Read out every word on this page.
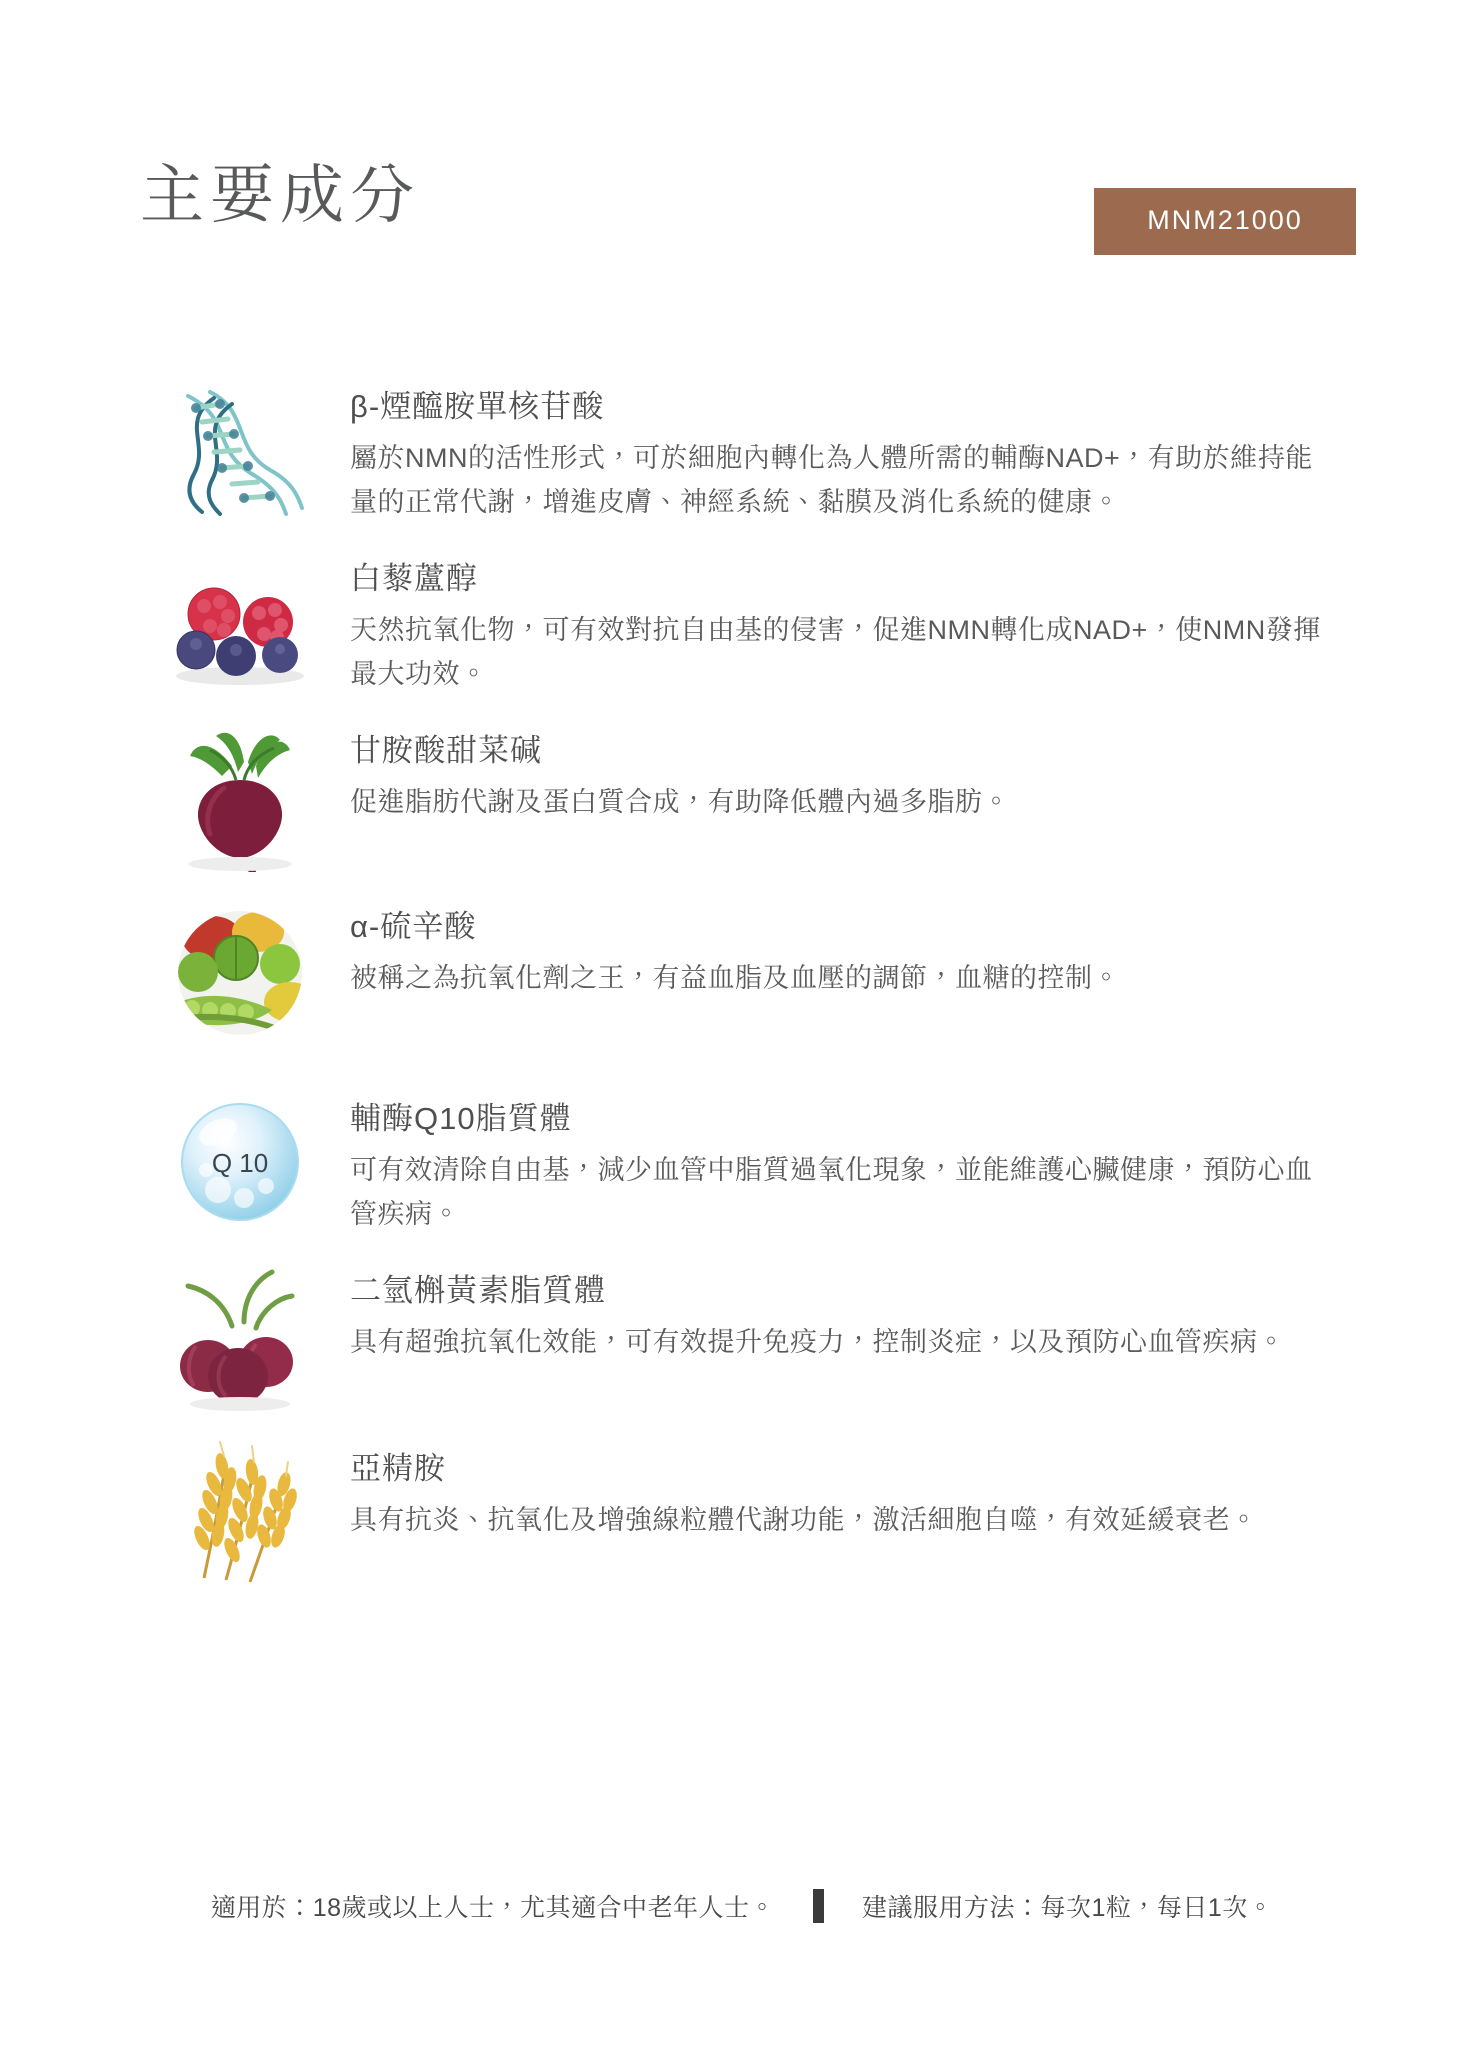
主要成分	MNM21000
β-煙醯胺單核苷酸
屬於NMN的活性形式，可於細胞內轉化為人體所需的輔酶NAD+，有助於維持能量的正常代謝，增進皮膚、神經系統、黏膜及消化系統的健康。
白藜蘆醇
天然抗氧化物，可有效對抗自由基的侵害，促進NMN轉化成NAD+，使NMN發揮最大功效。
甘胺酸甜菜碱
促進脂肪代謝及蛋白質合成，有助降低體內過多脂肪。
α-硫辛酸
被稱之為抗氧化劑之王，有益血脂及血壓的調節，血糖的控制。
Q 10
輔酶Q10脂質體
可有效清除自由基，減少血管中脂質過氧化現象，並能維護心臟健康，預防心血管疾病。
二氫槲黃素脂質體
具有超強抗氧化效能，可有效提升免疫力，控制炎症，以及預防心血管疾病。
亞精胺
具有抗炎、抗氧化及增強線粒體代謝功能，激活細胞自噬，有效延緩衰老。
適用於：18歲或以上人士，尤其適合中老年人士。	建議服用方法：每次1粒，每日1次。
